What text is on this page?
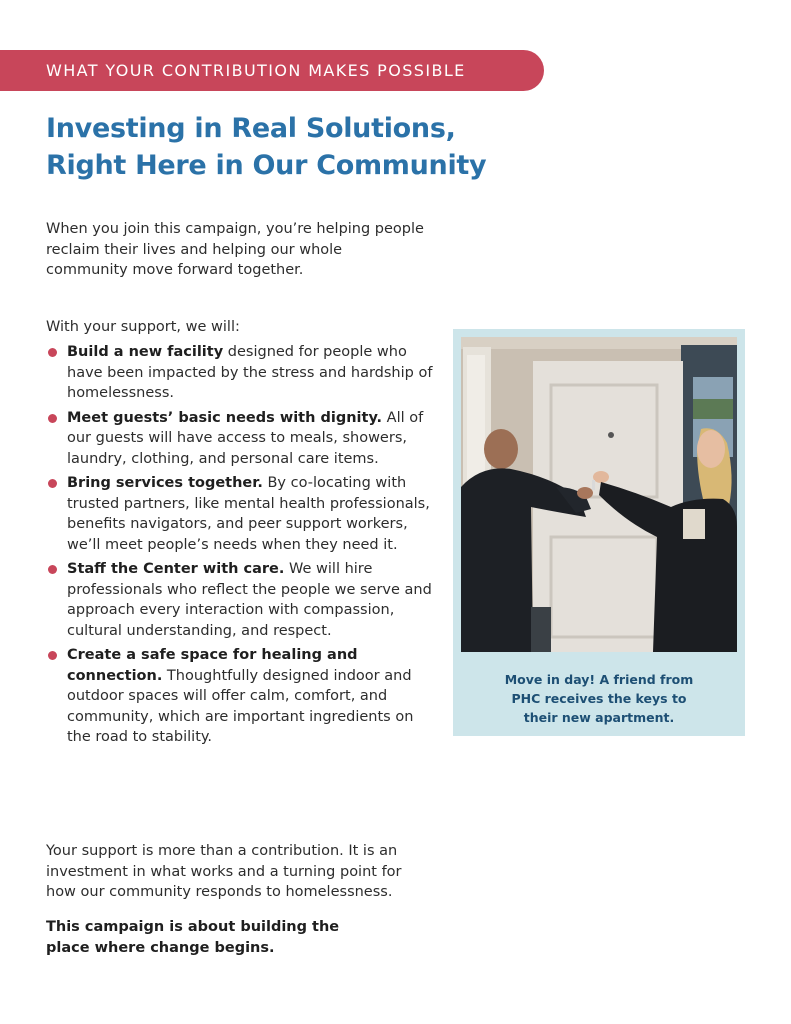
WHAT YOUR CONTRIBUTION MAKES POSSIBLE
Investing in Real Solutions,
Right Here in Our Community

When you join this campaign, you’re helping people reclaim their lives and helping our whole community move forward together.

With your support, we will:

Build a new facility designed for people who have been impacted by the stress and hardship of homelessness.
Meet guests’ basic needs with dignity. All of our guests will have access to meals, showers, laundry, clothing, and personal care items.
Bring services together. By co-locating with trusted partners, like mental health professionals, benefits navigators, and peer support workers, we’ll meet people’s needs when they need it.
Staff the Center with care. We will hire professionals who reflect the people we serve and approach every interaction with compassion, cultural understanding, and respect.
Create a safe space for healing and connection. Thoughtfully designed indoor and outdoor spaces will offer calm, comfort, and community, which are important ingredients on the road to stability.

Your support is more than a contribution. It is an investment in what works and a turning point for how our community responds to homelessness.

This campaign is about building the place where change begins.

Move in day! A friend from
PHC receives the keys to
their new apartment.
